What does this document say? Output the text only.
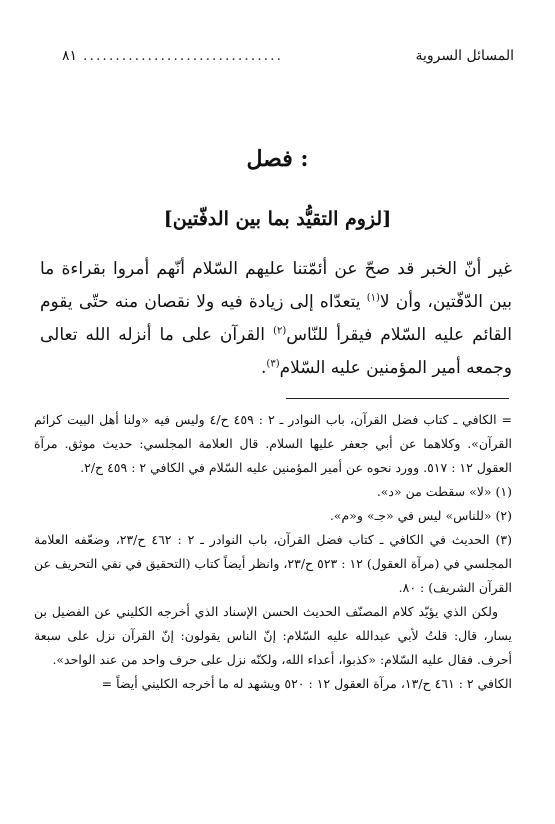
المسائل السروية
...............................
٨١
فصل :
[لزوم التقيُّد بما بين الدفّتين]
غير أنّ الخبر قد صحّ عن أئمّتنا عليهم السّلام أنّهم أمروا بقراءة ما بين الدّفّتين، وأن لا$^{(١)}$ يتعدّاه إلى زيادة فيه ولا نقصان منه حتّى يقوم القائم عليه السّلام فيقرأ للنّاس$^{(٢)}$ القرآن على ما أنزله الله تعالى وجمعه أمير المؤمنين عليه السّلام$^{(٣)}$.

= الكافي ـ كتاب فضل القرآن، باب النوادر ـ ٢ : ٤٥٩ ح/٤ وليس فيه «ولنا أهل البيت كرائم القرآن». وكلاهما عن أبي جعفر عليها السلام. قال العلامة المجلسي: حديث موثق. مرآة العقول ١٢ : ٥١٧. وورد نحوه عن أمير المؤمنين عليه السّلام في الكافي ٢ : ٤٥٩ ح/٢.

(١) «لا» سقطت من «د».

(٢) «للناس» ليس في «جـ» و«م».

(٣) الحديث في الكافي ـ كتاب فضل القرآن، باب النوادر ـ ٢ : ٤٦٢ ح/٢٣، وضعّفه العلامة المجلسي في (مرآة العقول) ١٢ : ٥٢٣ ح/٢٣، وانظر أيضاً كتاب (التحقيق في نفي التحريف عن القرآن الشريف) : ٨٠.

ولكن الذي يؤيّد كلام المصنّف الحديث الحسن الإسناد الذي أخرجه الكليني عن الفضيل بن يسار، قال: قلتُ لأبي عبدالله عليه السّلام: إنّ الناس يقولون: إنّ القرآن نزل على سبعة أحرف. فقال عليه السّلام: «كذبوا، أعداء الله، ولكنّه نزل على حرف واحد من عند الواحد».

الكافي ٢ : ٤٦١ ح/١٣، مرآة العقول ١٢ : ٥٢٠ ويشهد له ما أخرجه الكليني أيضاً =
